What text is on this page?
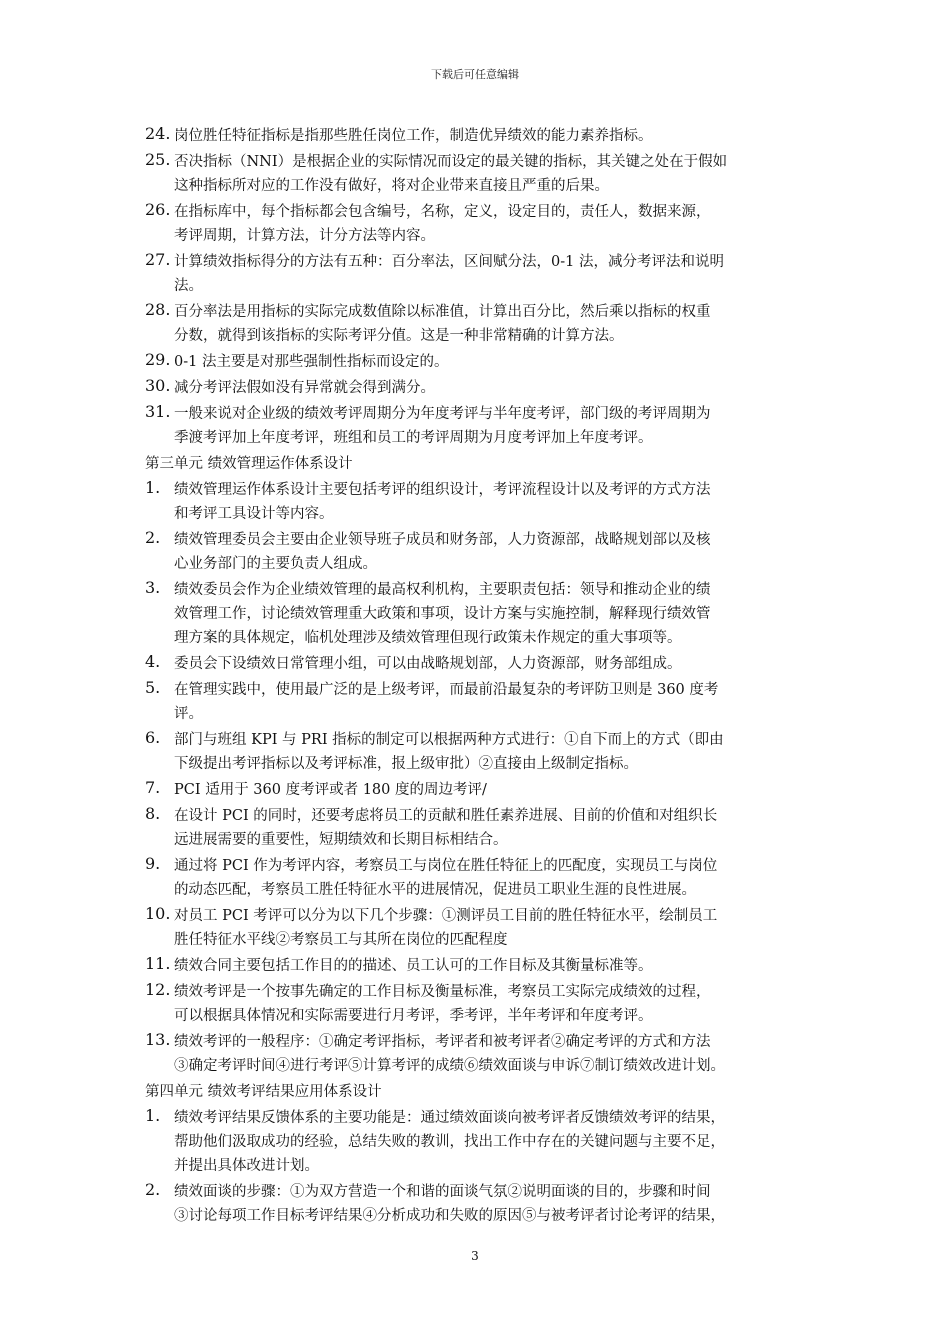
下载后可任意编辑
24. 岗位胜任特征指标是指那些胜任岗位工作，制造优异绩效的能力素养指标。

25. 否决指标（NNI）是根据企业的实际情况而设定的最关键的指标，其关键之处在于假如

这种指标所对应的工作没有做好，将对企业带来直接且严重的后果。

26. 在指标库中，每个指标都会包含编号，名称，定义，设定目的，责任人，数据来源，

考评周期，计算方法，计分方法等内容。

27. 计算绩效指标得分的方法有五种：百分率法，区间赋分法，0-1 法，减分考评法和说明

法。

28. 百分率法是用指标的实际完成数值除以标准值，计算出百分比，然后乘以指标的权重

分数，就得到该指标的实际考评分值。这是一种非常精确的计算方法。

29. 0-1 法主要是对那些强制性指标而设定的。

30. 减分考评法假如没有异常就会得到满分。

31. 一般来说对企业级的绩效考评周期分为年度考评与半年度考评，部门级的考评周期为

季渡考评加上年度考评，班组和员工的考评周期为月度考评加上年度考评。

第三单元 绩效管理运作体系设计

1. 绩效管理运作体系设计主要包括考评的组织设计，考评流程设计以及考评的方式方法

和考评工具设计等内容。

2. 绩效管理委员会主要由企业领导班子成员和财务部，人力资源部，战略规划部以及核

心业务部门的主要负责人组成。

3. 绩效委员会作为企业绩效管理的最高权利机构，主要职责包括：领导和推动企业的绩

效管理工作，讨论绩效管理重大政策和事项，设计方案与实施控制，解释现行绩效管

理方案的具体规定，临机处理涉及绩效管理但现行政策未作规定的重大事项等。

4. 委员会下设绩效日常管理小组，可以由战略规划部，人力资源部，财务部组成。

5. 在管理实践中，使用最广泛的是上级考评，而最前沿最复杂的考评防卫则是 360 度考

评。

6. 部门与班组 KPI 与 PRI 指标的制定可以根据两种方式进行：①自下而上的方式（即由

下级提出考评指标以及考评标准，报上级审批）②直接由上级制定指标。

7. PCI 适用于 360 度考评或者 180 度的周边考评/

8. 在设计 PCI 的同时，还要考虑将员工的贡献和胜任素养进展、目前的价值和对组织长

远进展需要的重要性，短期绩效和长期目标相结合。

9. 通过将 PCI 作为考评内容，考察员工与岗位在胜任特征上的匹配度，实现员工与岗位

的动态匹配，考察员工胜任特征水平的进展情况，促进员工职业生涯的良性进展。

10. 对员工 PCI 考评可以分为以下几个步骤：①测评员工目前的胜任特征水平，绘制员工

胜任特征水平线②考察员工与其所在岗位的匹配程度

11. 绩效合同主要包括工作目的的描述、员工认可的工作目标及其衡量标准等。

12. 绩效考评是一个按事先确定的工作目标及衡量标准，考察员工实际完成绩效的过程，

可以根据具体情况和实际需要进行月考评，季考评，半年考评和年度考评。

13. 绩效考评的一般程序：①确定考评指标，考评者和被考评者②确定考评的方式和方法

③确定考评时间④进行考评⑤计算考评的成绩⑥绩效面谈与申诉⑦制订绩效改进计划。

第四单元 绩效考评结果应用体系设计

1. 绩效考评结果反馈体系的主要功能是：通过绩效面谈向被考评者反馈绩效考评的结果，

帮助他们汲取成功的经验，总结失败的教训，找出工作中存在的关键问题与主要不足，

并提出具体改进计划。

2. 绩效面谈的步骤：①为双方营造一个和谐的面谈气氛②说明面谈的目的，步骤和时间

③讨论每项工作目标考评结果④分析成功和失败的原因⑤与被考评者讨论考评的结果，

3
